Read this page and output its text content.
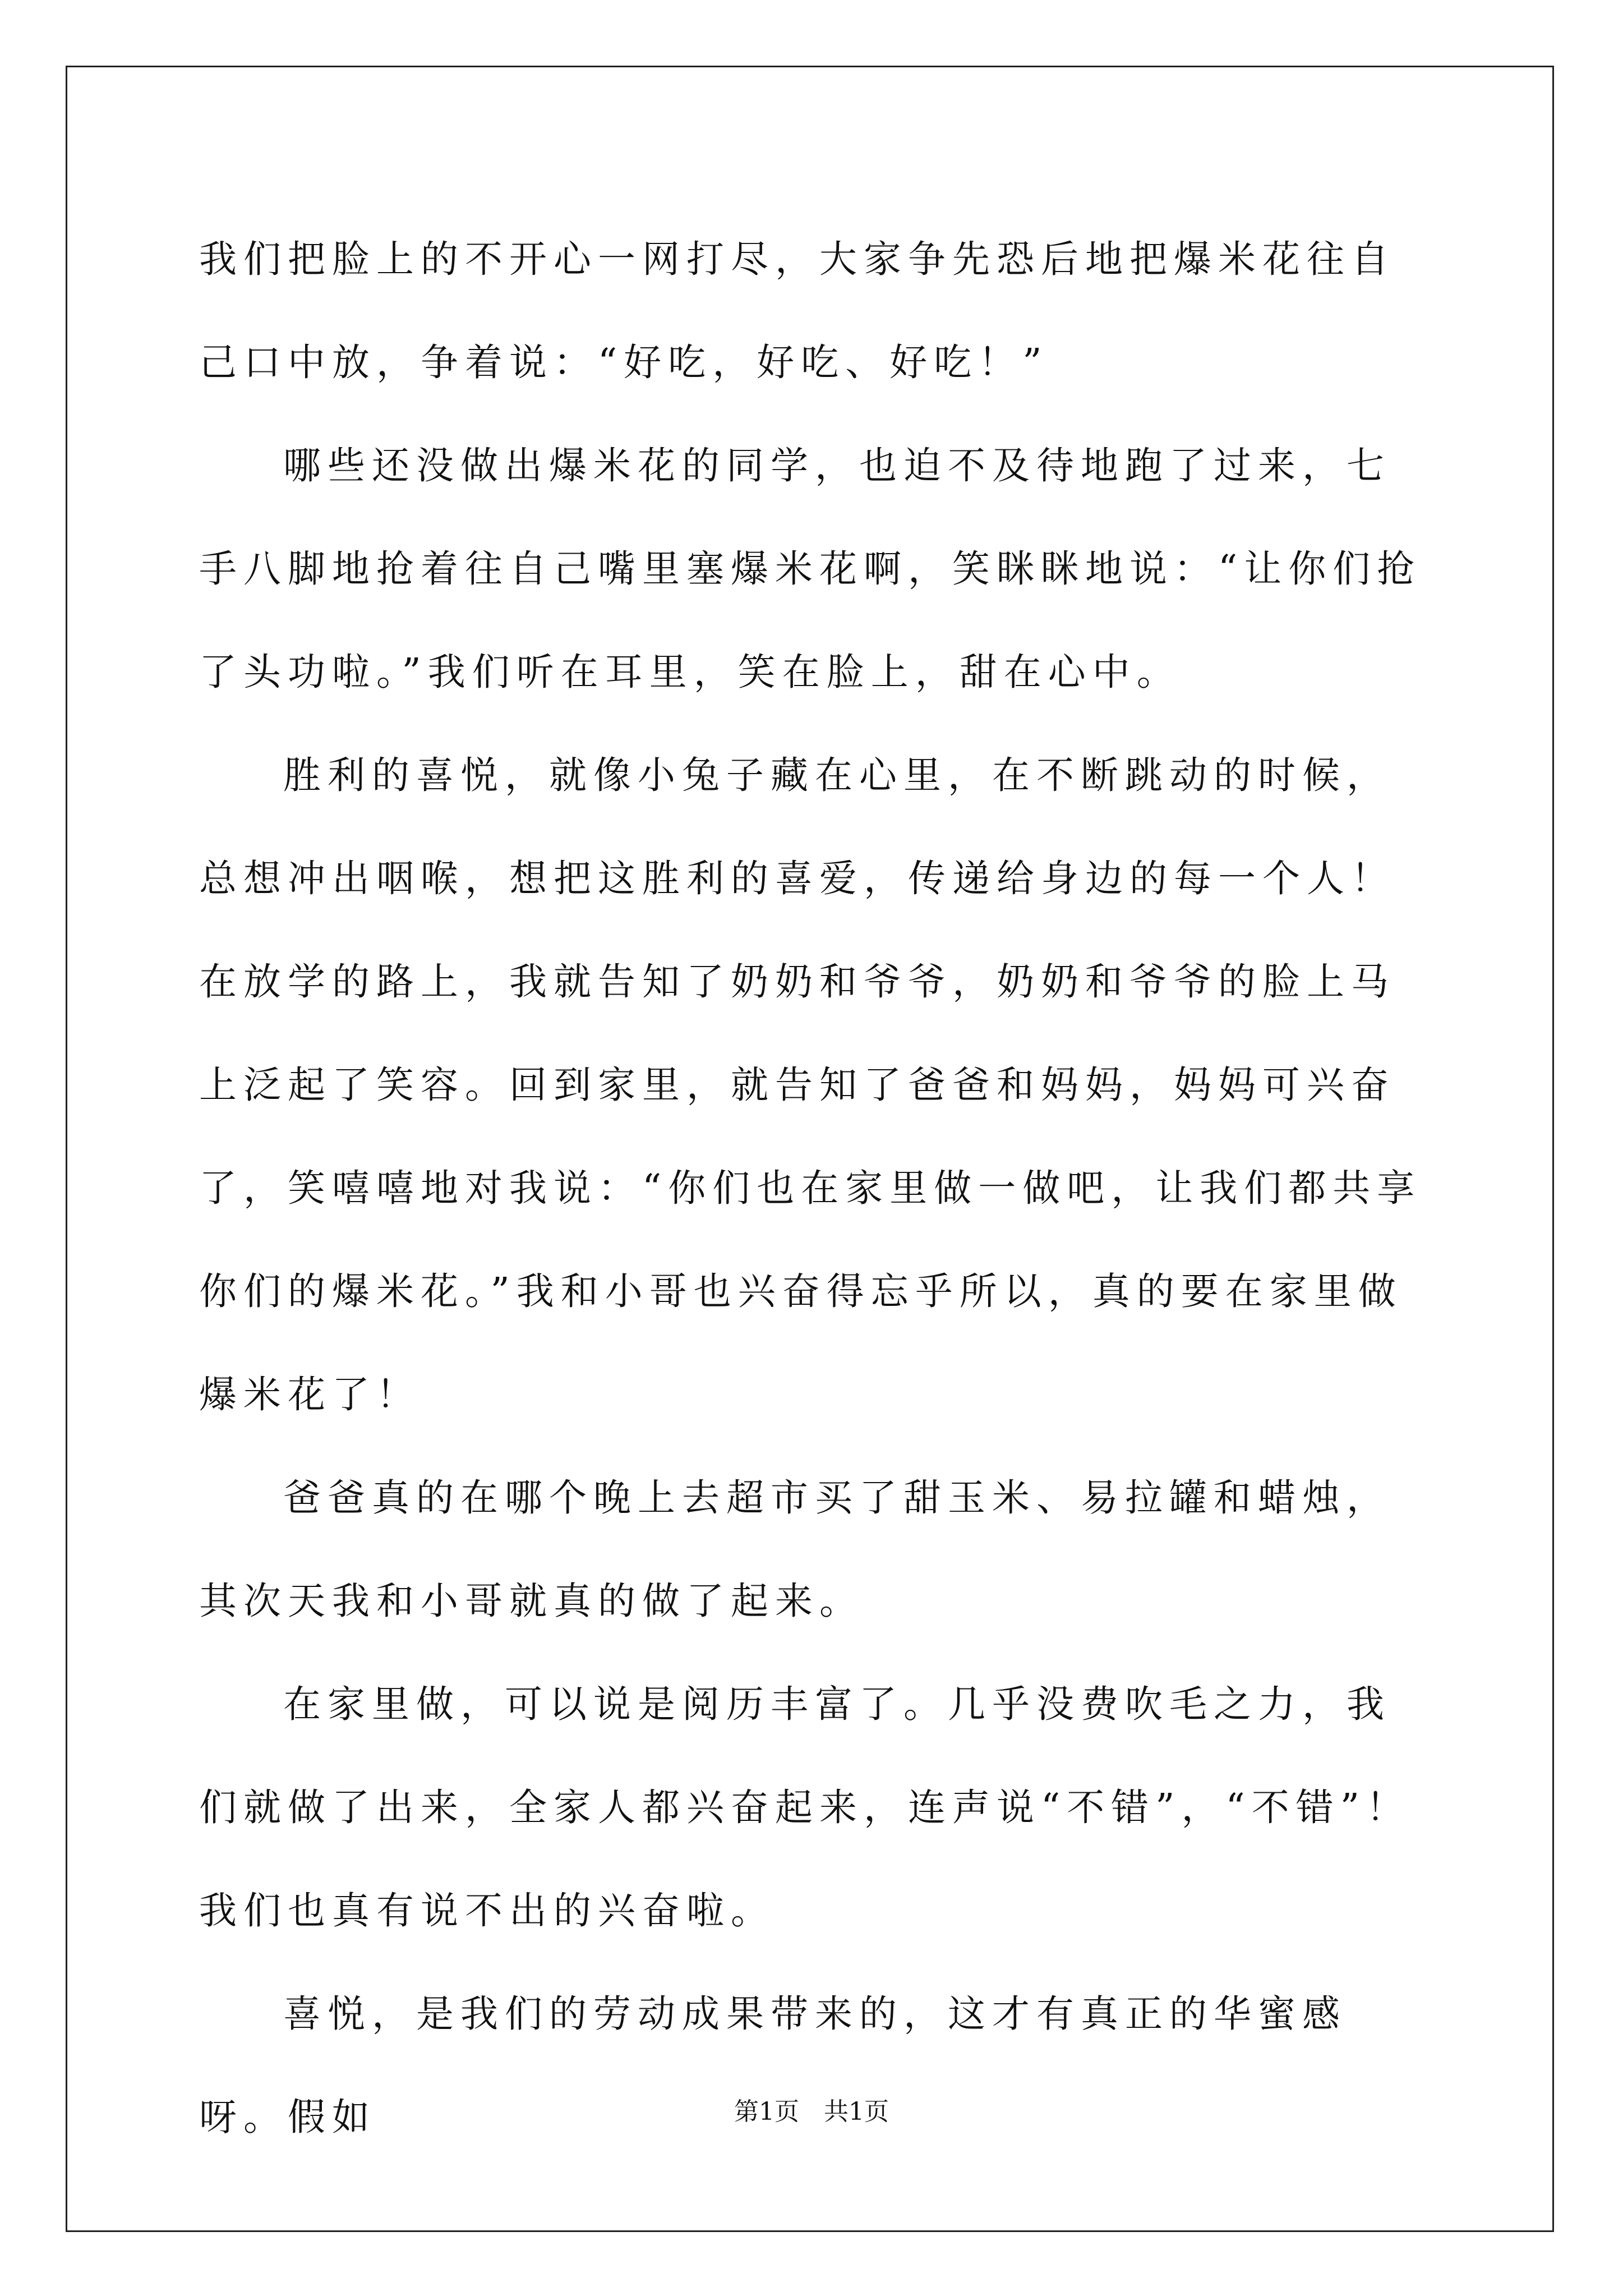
我们把脸上的不开心一网打尽，大家争先恐后地把爆米花往自己口中放，争着说：“好吃，好吃、好吃！”

哪些还没做出爆米花的同学，也迫不及待地跑了过来，七手八脚地抢着往自己嘴里塞爆米花啊，笑眯眯地说：“让你们抢了头功啦。”我们听在耳里，笑在脸上，甜在心中。

胜利的喜悦，就像小兔子藏在心里，在不断跳动的时候，总想冲出咽喉，想把这胜利的喜爱，传递给身边的每一个人！在放学的路上，我就告知了奶奶和爷爷，奶奶和爷爷的脸上马上泛起了笑容。回到家里，就告知了爸爸和妈妈，妈妈可兴奋了，笑嘻嘻地对我说：“你们也在家里做一做吧，让我们都共享你们的爆米花。”我和小哥也兴奋得忘乎所以，真的要在家里做爆米花了！

爸爸真的在哪个晚上去超市买了甜玉米、易拉罐和蜡烛，其次天我和小哥就真的做了起来。

在家里做，可以说是阅历丰富了。几乎没费吹毛之力，我们就做了出来，全家人都兴奋起来，连声说“不错”，“不错”！我们也真有说不出的兴奋啦。

喜悦，是我们的劳动成果带来的，这才有真正的华蜜感呀。假如	第1页　共1页
